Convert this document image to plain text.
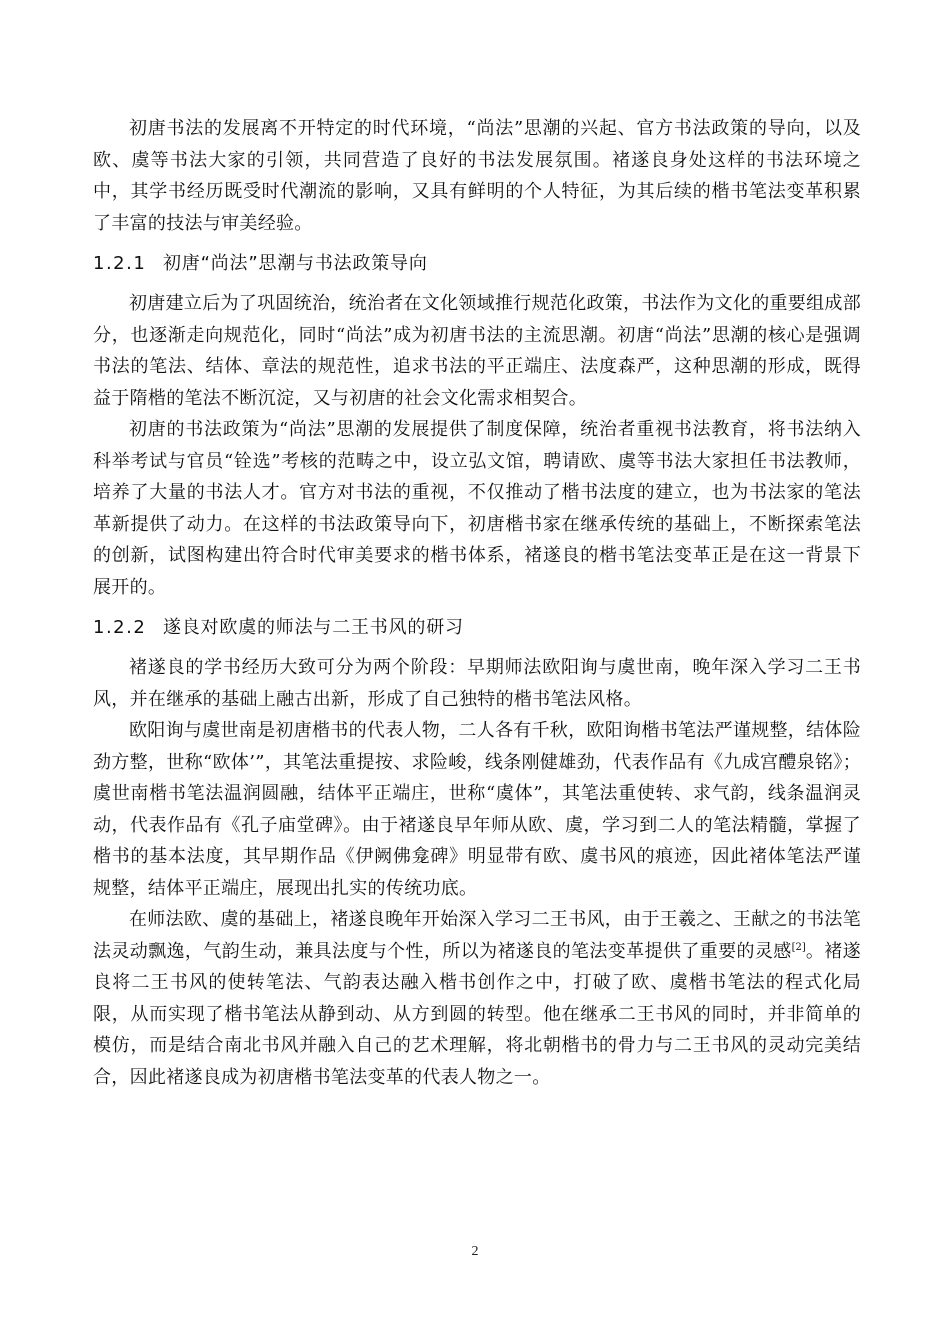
初唐书法的发展离不开特定的时代环境，“尚法”思潮的兴起、官方书法政策的导向，以及欧、虞等书法大家的引领，共同营造了良好的书法发展氛围。褚遂良身处这样的书法环境之中，其学书经历既受时代潮流的影响，又具有鲜明的个人特征，为其后续的楷书笔法变革积累了丰富的技法与审美经验。

1.2.1 初唐“尚法”思潮与书法政策导向

初唐建立后为了巩固统治，统治者在文化领域推行规范化政策，书法作为文化的重要组成部分，也逐渐走向规范化，同时“尚法”成为初唐书法的主流思潮。初唐“尚法”思潮的核心是强调书法的笔法、结体、章法的规范性，追求书法的平正端庄、法度森严，这种思潮的形成，既得益于隋楷的笔法不断沉淀，又与初唐的社会文化需求相契合。

初唐的书法政策为“尚法”思潮的发展提供了制度保障，统治者重视书法教育，将书法纳入科举考试与官员“铨选”考核的范畴之中，设立弘文馆，聘请欧、虞等书法大家担任书法教师，培养了大量的书法人才。官方对书法的重视，不仅推动了楷书法度的建立，也为书法家的笔法革新提供了动力。在这样的书法政策导向下，初唐楷书家在继承传统的基础上，不断探索笔法的创新，试图构建出符合时代审美要求的楷书体系，褚遂良的楷书笔法变革正是在这一背景下展开的。

1.2.2 遂良对欧虞的师法与二王书风的研习

褚遂良的学书经历大致可分为两个阶段：早期师法欧阳询与虞世南，晚年深入学习二王书风，并在继承的基础上融古出新，形成了自己独特的楷书笔法风格。

欧阳询与虞世南是初唐楷书的代表人物，二人各有千秋，欧阳询楷书笔法严谨规整，结体险劲方整，世称“欧体’”，其笔法重提按、求险峻，线条刚健雄劲，代表作品有《九成宫醴泉铭》；虞世南楷书笔法温润圆融，结体平正端庄，世称“虞体”，其笔法重使转、求气韵，线条温润灵动，代表作品有《孔子庙堂碑》。由于褚遂良早年师从欧、虞，学习到二人的笔法精髓，掌握了楷书的基本法度，其早期作品《伊阙佛龛碑》明显带有欧、虞书风的痕迹，因此褚体笔法严谨规整，结体平正端庄，展现出扎实的传统功底。

在师法欧、虞的基础上，褚遂良晚年开始深入学习二王书风，由于王羲之、王献之的书法笔法灵动飘逸，气韵生动，兼具法度与个性，所以为褚遂良的笔法变革提供了重要的灵感[2]。褚遂良将二王书风的使转笔法、气韵表达融入楷书创作之中，打破了欧、虞楷书笔法的程式化局限，从而实现了楷书笔法从静到动、从方到圆的转型。他在继承二王书风的同时，并非简单的模仿，而是结合南北书风并融入自己的艺术理解，将北朝楷书的骨力与二王书风的灵动完美结合，因此褚遂良成为初唐楷书笔法变革的代表人物之一。

2
